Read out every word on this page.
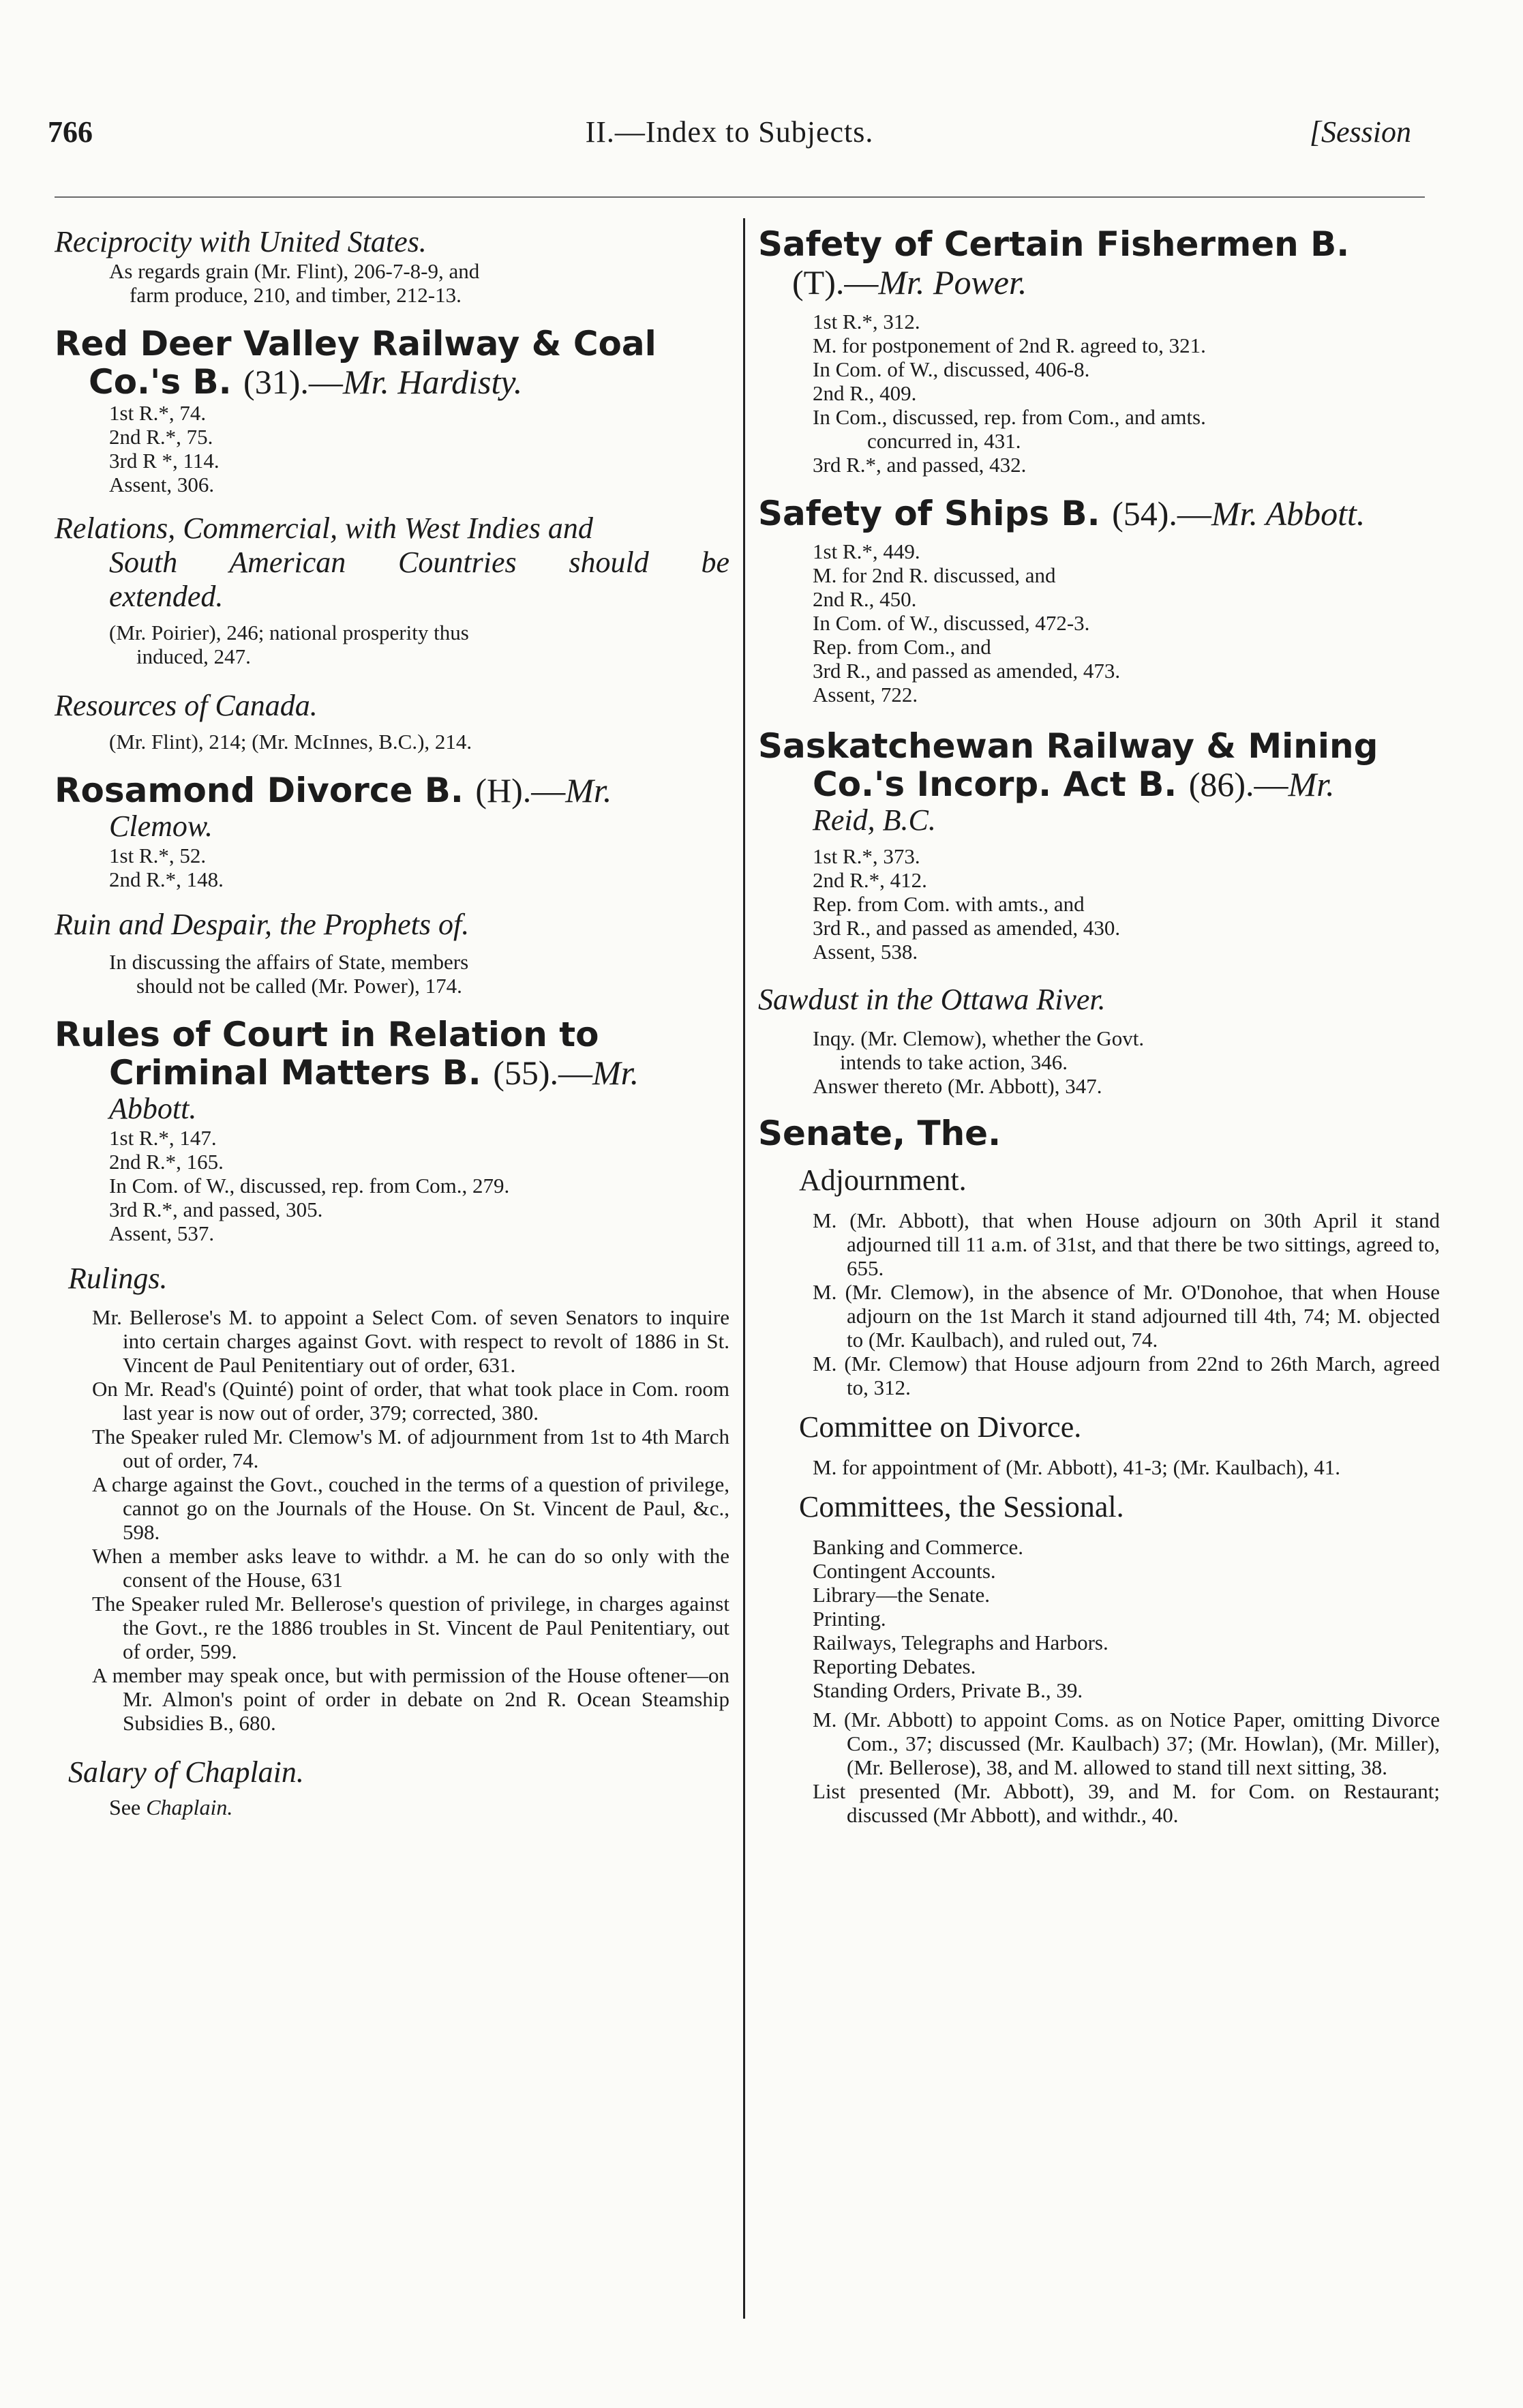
766	II.—Index to Subjects.	[Session
Reciprocity with United States.
As regards grain (Mr. Flint), 206-7-8-9, and
farm produce, 210, and timber, 212-13.
Red Deer Valley Railway & Coal
Co.'s B. (31).—Mr. Hardisty.
1st R.*, 74.
2nd R.*, 75.
3rd R *, 114.
Assent, 306.
Relations, Commercial, with West Indies and
South American Countries should be
extended.
(Mr. Poirier), 246; national prosperity thus
induced, 247.
Resources of Canada.
(Mr. Flint), 214; (Mr. McInnes, B.C.), 214.
Rosamond Divorce B. (H).—Mr.
Clemow.
1st R.*, 52.
2nd R.*, 148.
Ruin and Despair, the Prophets of.
In discussing the affairs of State, members
should not be called (Mr. Power), 174.
Rules of Court in Relation to
Criminal Matters B. (55).—Mr.
Abbott.
1st R.*, 147.
2nd R.*, 165.
In Com. of W., discussed, rep. from Com., 279.
3rd R.*, and passed, 305.
Assent, 537.
Rulings.
Mr. Bellerose's M. to appoint a Select Com. of seven Senators to inquire into certain charges against Govt. with respect to revolt of 1886 in St. Vincent de Paul Penitentiary out of order, 631.
On Mr. Read's (Quinté) point of order, that what took place in Com. room last year is now out of order, 379; corrected, 380.
The Speaker ruled Mr. Clemow's M. of adjournment from 1st to 4th March out of order, 74.
A charge against the Govt., couched in the terms of a question of privilege, cannot go on the Journals of the House. On St. Vincent de Paul, &c., 598.
When a member asks leave to withdr. a M. he can do so only with the consent of the House, 631
The Speaker ruled Mr. Bellerose's question of privilege, in charges against the Govt., re the 1886 troubles in St. Vincent de Paul Penitentiary, out of order, 599.
A member may speak once, but with permission of the House oftener—on Mr. Almon's point of order in debate on 2nd R. Ocean Steamship Subsidies B., 680.
Salary of Chaplain.
See Chaplain.
Safety of Certain Fishermen B.
(T).—Mr. Power.
1st R.*, 312.
M. for postponement of 2nd R. agreed to, 321.
In Com. of W., discussed, 406-8.
2nd R., 409.
In Com., discussed, rep. from Com., and amts.
concurred in, 431.
3rd R.*, and passed, 432.
Safety of Ships B. (54).—Mr. Abbott.
1st R.*, 449.
M. for 2nd R. discussed, and
2nd R., 450.
In Com. of W., discussed, 472-3.
Rep. from Com., and
3rd R., and passed as amended, 473.
Assent, 722.
Saskatchewan Railway & Mining
Co.'s Incorp. Act B. (86).—Mr.
Reid, B.C.
1st R.*, 373.
2nd R.*, 412.
Rep. from Com. with amts., and
3rd R., and passed as amended, 430.
Assent, 538.
Sawdust in the Ottawa River.
Inqy. (Mr. Clemow), whether the Govt.
intends to take action, 346.
Answer thereto (Mr. Abbott), 347.
Senate, The.
Adjournment.
M. (Mr. Abbott), that when House adjourn on 30th April it stand adjourned till 11 a.m. of 31st, and that there be two sittings, agreed to, 655.
M. (Mr. Clemow), in the absence of Mr. O'Donohoe, that when House adjourn on the 1st March it stand adjourned till 4th, 74; M. objected to (Mr. Kaulbach), and ruled out, 74.
M. (Mr. Clemow) that House adjourn from 22nd to 26th March, agreed to, 312.
Committee on Divorce.
M. for appointment of (Mr. Abbott), 41-3; (Mr. Kaulbach), 41.
Committees, the Sessional.
Banking and Commerce.
Contingent Accounts.
Library—the Senate.
Printing.
Railways, Telegraphs and Harbors.
Reporting Debates.
Standing Orders, Private B., 39.
M. (Mr. Abbott) to appoint Coms. as on Notice Paper, omitting Divorce Com., 37; discussed (Mr. Kaulbach) 37; (Mr. Howlan), (Mr. Miller), (Mr. Bellerose), 38, and M. allowed to stand till next sitting, 38.
List presented (Mr. Abbott), 39, and M. for Com. on Restaurant; discussed (Mr Abbott), and withdr., 40.
